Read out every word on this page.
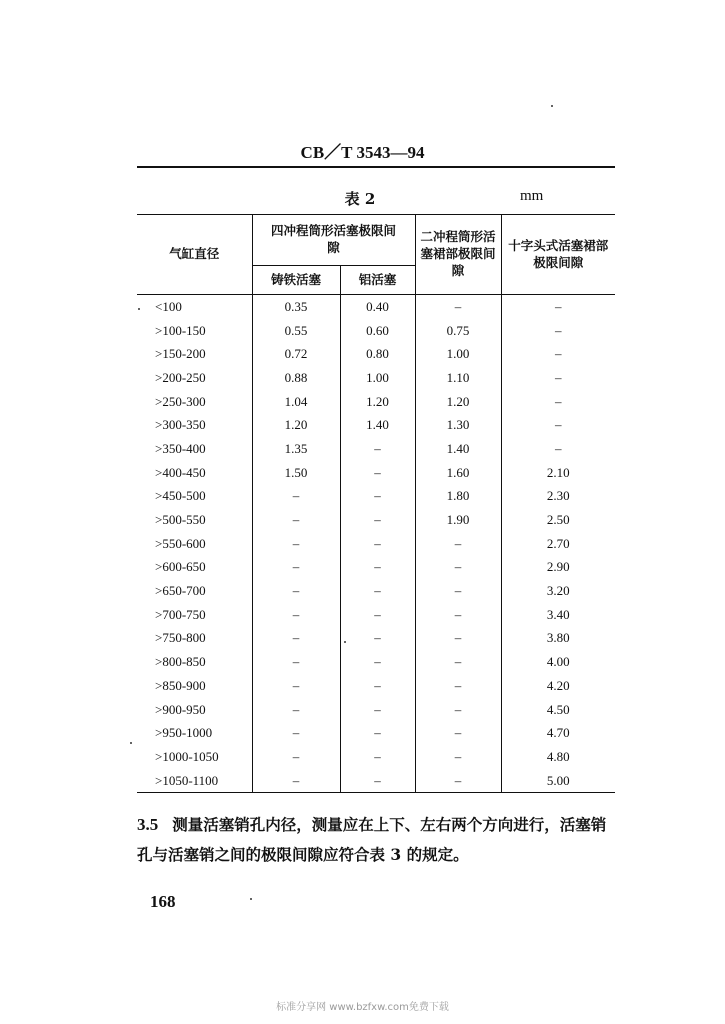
CB／T 3543—94
表 2	mm
气缸直径	四冲程筒形活塞极限间隙		二冲程筒形活塞裙部极限间隙	十字头式活塞裙部极限间隙
	铸铁活塞	铝活塞		
<100	0.35	0.40	–	–
>100-150	0.55	0.60	0.75	–
>150-200	0.72	0.80	1.00	–
>200-250	0.88	1.00	1.10	–
>250-300	1.04	1.20	1.20	–
>300-350	1.20	1.40	1.30	–
>350-400	1.35	–	1.40	–
>400-450	1.50	–	1.60	2.10
>450-500	–	–	1.80	2.30
>500-550	–	–	1.90	2.50
>550-600	–	–	–	2.70
>600-650	–	–	–	2.90
>650-700	–	–	–	3.20
>700-750	–	–	–	3.40
>750-800	–	–	–	3.80
>800-850	–	–	–	4.00
>850-900	–	–	–	4.20
>900-950	–	–	–	4.50
>950-1000	–	–	–	4.70
>1000-1050	–	–	–	4.80
>1050-1100	–	–	–	5.00
3.5 测量活塞销孔内径，测量应在上下、左右两个方向进行，活塞销孔与活塞销之间的极限间隙应符合表 3 的规定。
168
标准分享网 www.bzfxw.com免费下载
